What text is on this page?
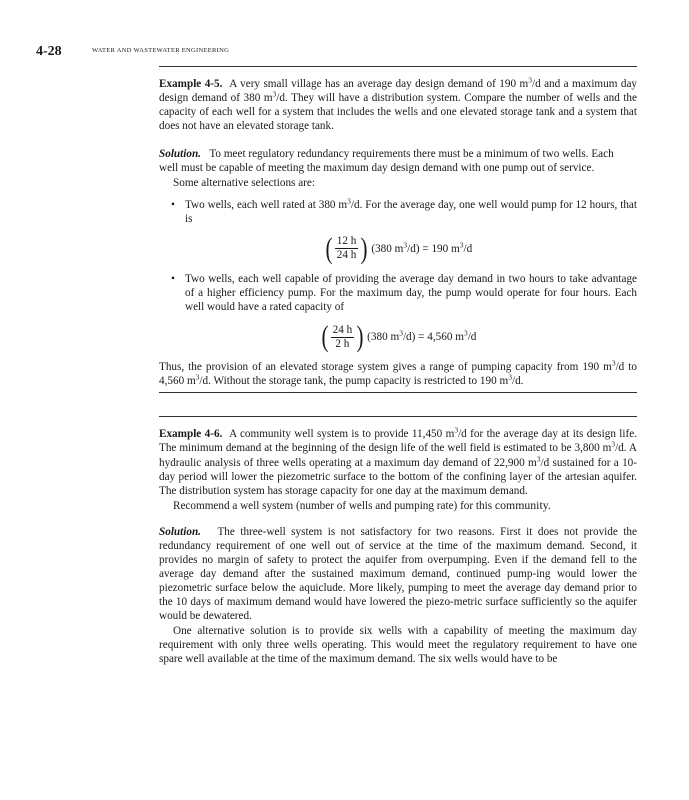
4-28	WATER AND WASTEWATER ENGINEERING

Example 4-5. A very small village has an average day design demand of 190 $m^3/d$ and a maximum day design demand of 380 $m^3/d$. They will have a distribution system. Compare the number of wells and the capacity of each well for a system that includes the wells and one elevated storage tank and a system that does not have an elevated storage tank.

Solution. To meet regulatory redundancy requirements there must be a minimum of two wells. Each well must be capable of meeting the maximum day design demand with one pump out of service.

Some alternative selections are:

• Two wells, each well rated at 380 $m^3/d$. For the average day, one well would pump for 12 hours, that is
( $\frac{12 h}{24 h}$ ) (380 $m^3/d) = 190$ $m^3/d$
• Two wells, each well capable of providing the average day demand in two hours to take advantage of a higher efficiency pump. For the maximum day, the pump would operate for four hours. Each well would have a rated capacity of
( $\frac{24 h}{2 h}$ ) (380 $m^3/d) = 4,560$ $m^3/d$

Thus, the provision of an elevated storage system gives a range of pumping capacity from 190 $m^3/d$ to 4,560 $m^3/d$. Without the storage tank, the pump capacity is restricted to 190 $m^3/d$.

Example 4-6. A community well system is to provide 11,450 $m^3/d$ for the average day at its design life. The minimum demand at the beginning of the design life of the well field is estimated to be 3,800 $m^3/d$. A hydraulic analysis of three wells operating at a maximum day demand of 22,900 $m^3/d$ sustained for a 10-day period will lower the piezometric surface to the bottom of the confining layer of the artesian aquifer. The distribution system has storage capacity for one day at the maximum demand.

Recommend a well system (number of wells and pumping rate) for this community.

Solution. The three-well system is not satisfactory for two reasons. First it does not provide the redundancy requirement of one well out of service at the time of the maximum demand. Second, it provides no margin of safety to protect the aquifer from overpumping. Even if the demand fell to the average day demand after the sustained maximum demand, continued pump-ing would lower the piezometric surface below the aquiclude. More likely, pumping to meet the average day demand prior to the 10 days of maximum demand would have lowered the piezo-metric surface sufficiently so the aquifer would be dewatered.

One alternative solution is to provide six wells with a capability of meeting the maximum day requirement with only three wells operating. This would meet the regulatory requirement to have one spare well available at the time of the maximum demand. The six wells would have to be
